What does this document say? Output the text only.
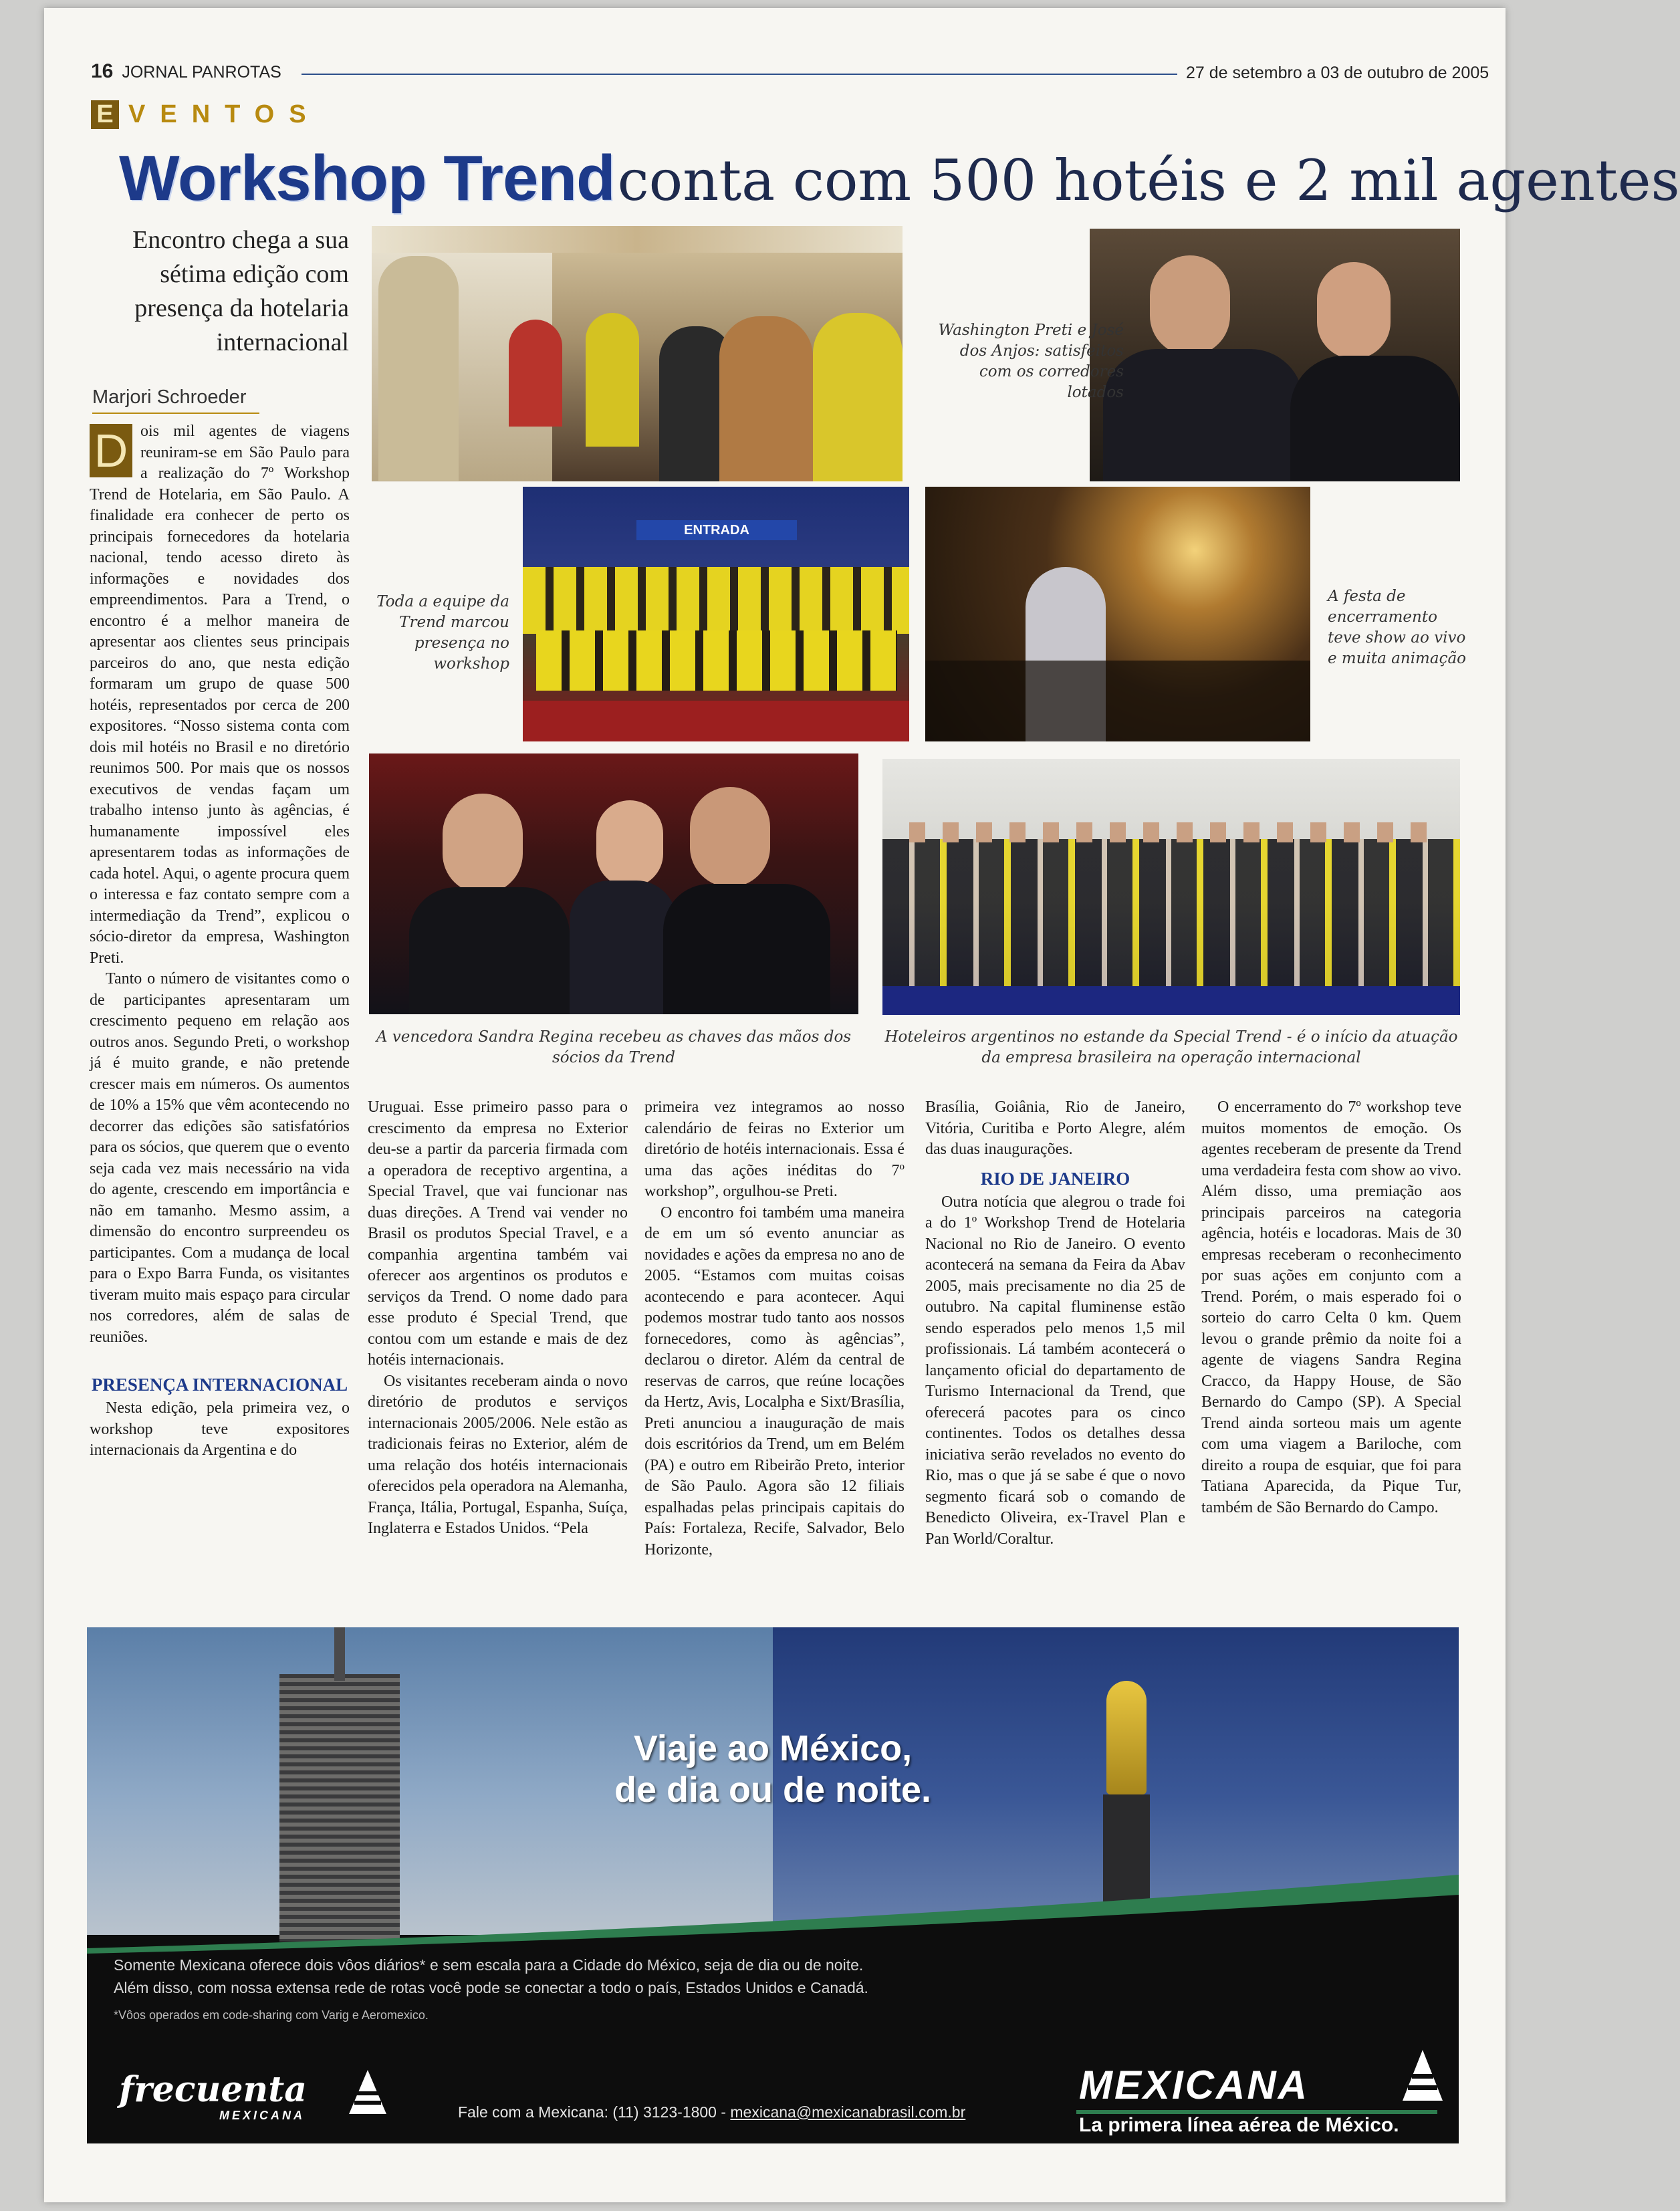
16 JORNAL PANROTAS	27 de setembro a 03 de outubro de 2005
E VENTOS
Workshop Trend conta com 500 hotéis e 2 mil agentes
Encontro chega a sua
sétima edição com
presença da hotelaria
internacional
Marjori Schroeder
D ois mil agentes de viagens reuniram-se em São Paulo para a realização do 7º Workshop Trend de Hotelaria, em São Paulo. A finalidade era conhecer de perto os principais fornecedores da hotelaria nacional, tendo acesso direto às informações e novidades dos empreendimentos. Para a Trend, o encontro é a melhor maneira de apresentar aos clientes seus principais parceiros do ano, que nesta edição formaram um grupo de quase 500 hotéis, representados por cerca de 200 expositores. “Nosso sistema conta com dois mil hotéis no Brasil e no diretório reunimos 500. Por mais que os nossos executivos de vendas façam um trabalho intenso junto às agências, é humanamente impossível eles apresentarem todas as informações de cada hotel. Aqui, o agente procura quem o interessa e faz contato sempre com a intermediação da Trend”, explicou o sócio-diretor da empresa, Washington Preti.

Tanto o número de visitantes como o de participantes apresentaram um crescimento pequeno em relação aos outros anos. Segundo Preti, o workshop já é muito grande, e não pretende crescer mais em números. Os aumentos de 10% a 15% que vêm acontecendo no decorrer das edições são satisfatórios para os sócios, que querem que o evento seja cada vez mais necessário na vida do agente, crescendo em importância e não em tamanho. Mesmo assim, a dimensão do encontro surpreendeu os participantes. Com a mudança de local para o Expo Barra Funda, os visitantes tiveram muito mais espaço para circular nos corredores, além de salas de reuniões.

PRESENÇA INTERNACIONAL

Nesta edição, pela primeira vez, o workshop teve expositores internacionais da Argentina e do

Uruguai. Esse primeiro passo para o crescimento da empresa no Exterior deu-se a partir da parceria firmada com a operadora de receptivo argentina, a Special Travel, que vai funcionar nas duas direções. A Trend vai vender no Brasil os produtos Special Travel, e a companhia argentina também vai oferecer aos argentinos os produtos e serviços da Trend. O nome dado para esse produto é Special Trend, que contou com um estande e mais de dez hotéis internacionais.

Os visitantes receberam ainda o novo diretório de produtos e serviços internacionais 2005/2006. Nele estão as tradicionais feiras no Exterior, além de uma relação dos hotéis internacionais oferecidos pela operadora na Alemanha, França, Itália, Portugal, Espanha, Suíça, Inglaterra e Estados Unidos. “Pela

primeira vez integramos ao nosso calendário de feiras no Exterior um diretório de hotéis internacionais. Essa é uma das ações inéditas do 7º workshop”, orgulhou-se Preti.

O encontro foi também uma maneira de em um só evento anunciar as novidades e ações da empresa no ano de 2005. “Estamos com muitas coisas acontecendo e para acontecer. Aqui podemos mostrar tudo tanto aos nossos fornecedores, como às agências”, declarou o diretor. Além da central de reservas de carros, que reúne locações da Hertz, Avis, Localpha e Sixt/Brasília, Preti anunciou a inauguração de mais dois escritórios da Trend, um em Belém (PA) e outro em Ribeirão Preto, interior de São Paulo. Agora são 12 filiais espalhadas pelas principais capitais do País: Fortaleza, Recife, Salvador, Belo Horizonte,

Brasília, Goiânia, Rio de Janeiro, Vitória, Curitiba e Porto Alegre, além das duas inaugurações.

RIO DE JANEIRO

Outra notícia que alegrou o trade foi a do 1º Workshop Trend de Hotelaria Nacional no Rio de Janeiro. O evento acontecerá na semana da Feira da Abav 2005, mais precisamente no dia 25 de outubro. Na capital fluminense estão sendo esperados pelo menos 1,5 mil profissionais. Lá também acontecerá o lançamento oficial do departamento de Turismo Internacional da Trend, que oferecerá pacotes para os cinco continentes. Todos os detalhes dessa iniciativa serão revelados no evento do Rio, mas o que já se sabe é que o novo segmento ficará sob o comando de Benedicto Oliveira, ex-Travel Plan e Pan World/Coraltur.

O encerramento do 7º workshop teve muitos momentos de emoção. Os agentes receberam de presente da Trend uma verdadeira festa com show ao vivo. Além disso, uma premiação aos principais parceiros na categoria agência, hotéis e locadoras. Mais de 30 empresas receberam o reconhecimento por suas ações em conjunto com a Trend. Porém, o mais esperado foi o sorteio do carro Celta 0 km. Quem levou o grande prêmio da noite foi a agente de viagens Sandra Regina Cracco, da Happy House, de São Bernardo do Campo (SP). A Special Trend ainda sorteou mais um agente com uma viagem a Bariloche, com direito a roupa de esquiar, que foi para Tatiana Aparecida, da Pique Tur, também de São Bernardo do Campo.

Washington Preti e José dos Anjos: satisfeitos com os corredores lotados
ENTRADA
Toda a equipe da Trend marcou presença no workshop
A festa de encerramento teve show ao vivo e muita animação
A vencedora Sandra Regina recebeu as chaves das mãos dos sócios da Trend
Hoteleiros argentinos no estande da Special Trend - é o início da atuação da empresa brasileira na operação internacional
Viaje ao México,
de dia ou de noite.
Somente Mexicana oferece dois vôos diários* e sem escala para a Cidade do México, seja de dia ou de noite.
Além disso, com nossa extensa rede de rotas você pode se conectar a todo o país, Estados Unidos e Canadá.
*Vôos operados em code-sharing com Varig e Aeromexico.
frecuenta
MEXICANA	Fale com a Mexicana: (11) 3123-1800 - mexicana@mexicanabrasil.com.br
MEXICANA
La primera línea aérea de México.
